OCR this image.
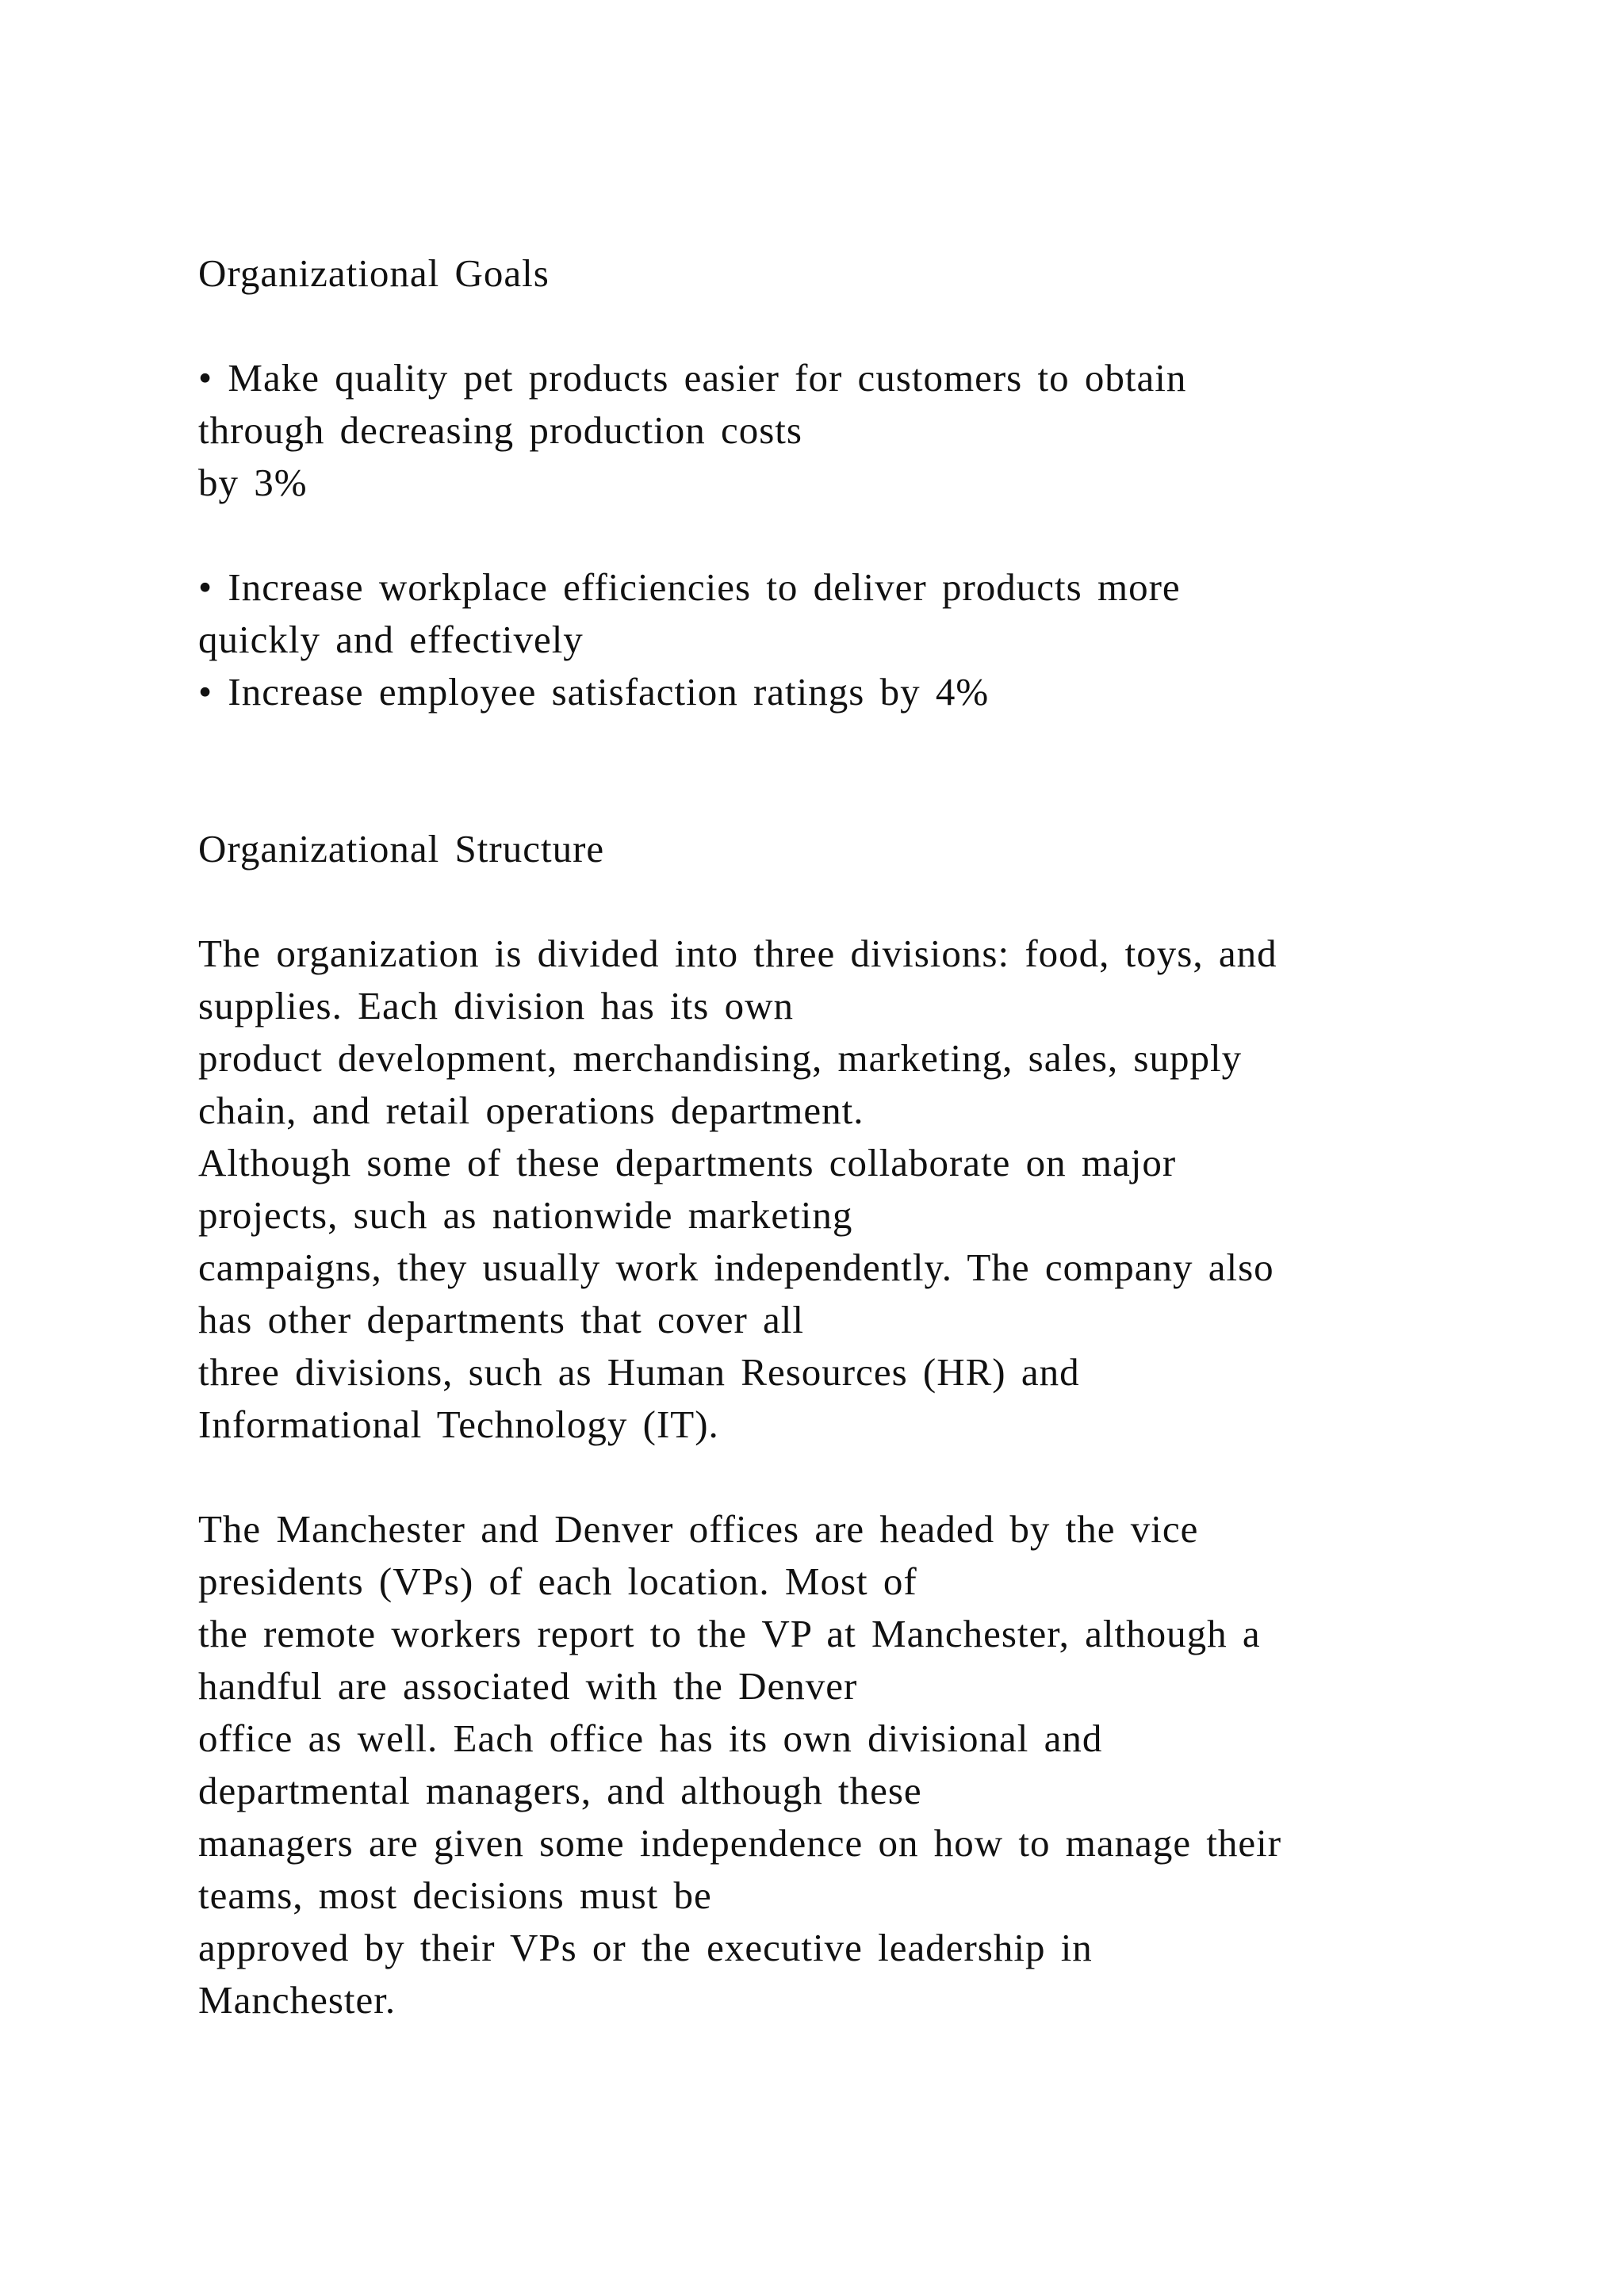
Organizational Goals
• Make quality pet products easier for customers to obtain
through decreasing production costs
by 3%
• Increase workplace efficiencies to deliver products more
quickly and effectively
• Increase employee satisfaction ratings by 4%
Organizational Structure
The organization is divided into three divisions: food, toys, and
supplies. Each division has its own
product development, merchandising, marketing, sales, supply
chain, and retail operations department.
Although some of these departments collaborate on major
projects, such as nationwide marketing
campaigns, they usually work independently. The company also
has other departments that cover all
three divisions, such as Human Resources (HR) and
Informational Technology (IT).
The Manchester and Denver offices are headed by the vice
presidents (VPs) of each location. Most of
the remote workers report to the VP at Manchester, although a
handful are associated with the Denver
office as well. Each office has its own divisional and
departmental managers, and although these
managers are given some independence on how to manage their
teams, most decisions must be
approved by their VPs or the executive leadership in
Manchester.
